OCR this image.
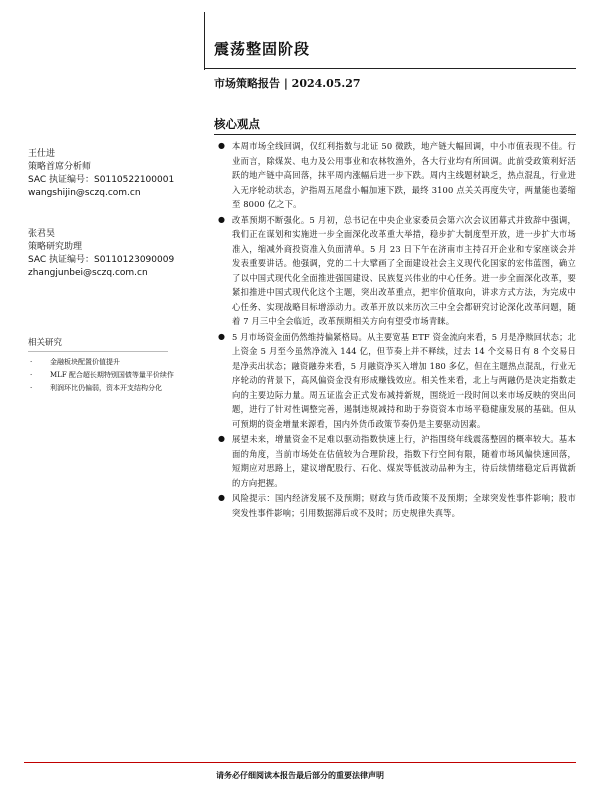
震荡整固阶段
市场策略报告 | 2024.05.27
核心观点
王仕进
策略首席分析师
SAC 执证编号：S0110522100001
wangshijin@sczq.com.cn
张君昊
策略研究助理
SAC 执证编号：S0110123090009
zhangjunbei@sczq.com.cn
相关研究
· 金融板块配置价值提升
· MLF 配合超长期特别国债等量平价续作
· 利润环比仍偏弱，资本开支结构分化
● 本周市场全线回调，仅红利指数与北证 50 微跌，地产链大幅回调，中小市值表现不佳。行业而言，除煤炭、电力及公用事业和农林牧渔外，各大行业均有所回调。此前受政策利好活跃的地产链中高回落，抹平周内涨幅后进一步下跌。周内主线题材缺乏，热点混乱，行业进入无序轮动状态，沪指周五尾盘小幅加速下跌，最终 3100 点关关再度失守，两量能也萎缩至 8000 亿之下。
● 改革预期不断强化。5 月初，总书记在中央企业家委员会第六次会议团幕式并致辞中强调，我们正在谋划和实施进一步全面深化改革重大举措，稳步扩大制度型开放，进一步扩大市场准入，缩减外商投资准入负面清单。5 月 23 日下午在济南市主持召开企业和专家座谈会并发表重要讲话。他强调，党的二十大擘画了全面建设社会主义现代化国家的宏伟蓝图，确立了以中国式现代化全面推进强国建设、民族复兴伟业的中心任务。进一步全面深化改革，要紧扣推进中国式现代化这个主题，突出改革重点，把牢价值取向，讲求方式方法，为完成中心任务、实现战略目标增添动力。改革开放以来历次三中全会都研究讨论深化改革问题，随着 7 月三中全会临近，改革预期相关方向有望受市场青睐。
● 5 月市场资金面仍然维持偏紧格局。从主要宽基 ETF 资金流向来看，5 月是净赎回状态；北上资金 5 月至今虽然净流入 144 亿，但节奏上并不释续，过去 14 个交易日有 8 个交易日是净卖出状态；融资融券来看，5 月融资净买入增加 180 多亿，但在主题热点混乱，行业无序轮动的背景下，高风偏资金没有形成赚钱效应。相关性来看，北上与两融仍是决定指数走向的主要边际力量。周五证监会正式发布减持新规，围绕近一段时间以来市场反映的突出问题，进行了针对性调整完善，遏制违规减持和助于券资资本市场平稳健康发展的基础。但从可预期的资金增量来源看，国内外货币政策节奏仍是主要驱动因素。
● 展望未来，增量资金不足难以驱动指数快速上行，沪指围绕年线震荡整固的概率较大。基本面的角度，当前市场处在估值较为合理阶段，指数下行空间有限，随着市场风偏快速回落，短期应对思路上，建议增配股行、石化、煤炭等低波动品种为主，待后续情绪稳定后再做新的方向把握。
● 风险提示：国内经济发展不及预期；财政与货币政策不及预期；全球突发性事件影响；股市突发性事件影响；引用数据滞后或不及时；历史规律失真等。
请务必仔细阅读本报告最后部分的重要法律声明
